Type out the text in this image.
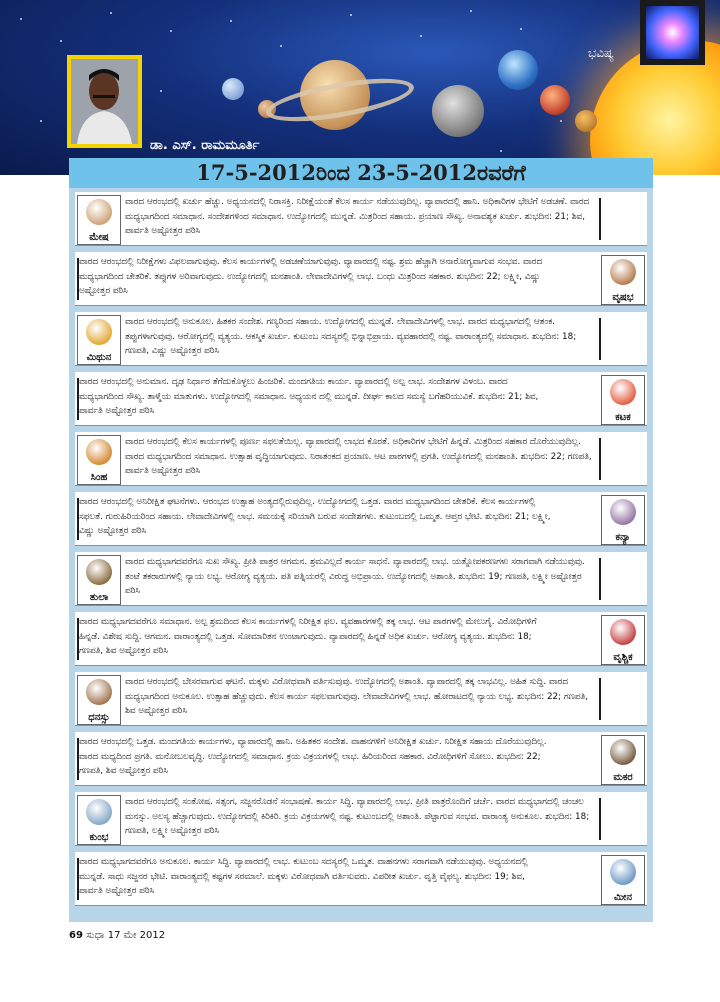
ಭವಿಷ್ಯ
ಡಾ. ಎಸ್. ರಾಮಮೂರ್ತಿ
17-5-2012ರಿಂದ 23-5-2012ರವರೆಗೆ
ಮೇಷ
ವಾರದ ಆರಂಭದಲ್ಲಿ ಖರ್ಚು ಹೆಚ್ಚು. ಅಧ್ಯಯನದಲ್ಲಿ ನಿರಾಸಕ್ತಿ. ನಿರೀಕ್ಷೆಯಂತೆ ಕೆಲಸ ಕಾರ್ಯ ನಡೆಯುವುದಿಲ್ಲ. ವ್ಯಾಪಾರದಲ್ಲಿ ಹಾನಿ. ಅಧಿಕಾರಿಗಳ ಭೇಟಿಗೆ ಅಡಚಣೆ. ವಾರದ ಮಧ್ಯಭಾಗದಿಂದ ಸಮಾಧಾನ. ಸಂದೇಶಗಳಿಂದ ಸಮಾಧಾನ. ಉದ್ಯೋಗದಲ್ಲಿ ಮುನ್ನಡೆ. ಮಿತ್ರರಿಂದ ಸಹಾಯ. ಪ್ರಯಾಣ ಸೌಖ್ಯ. ಅನಾವಶ್ಯಕ ಖರ್ಚು. ಶುಭದಿನ: 21; ಶಿವ, ಪಾರ್ವತಿ ಅಷ್ಟೋತ್ತರ ಪಠಿಸಿ
ವೃಷಭ
ವಾರದ ಆರಂಭದಲ್ಲಿ ನಿರೀಕ್ಷೆಗಳು ವಿಫಲವಾಗುವುವು. ಕೆಲಸ ಕಾರ್ಯಗಳಲ್ಲಿ ಅಡಚಣೆಯಾಗುವುವು. ವ್ಯಾಪಾರದಲ್ಲಿ ನಷ್ಟ. ಶ್ರಮ ಹೆಚ್ಚಾಗಿ ಅನಾರೋಗ್ಯವಾಗುವ ಸಂಭವ. ವಾರದ ಮಧ್ಯಭಾಗದಿಂದ ಚೇತರಿಕೆ. ತಪ್ಪುಗಳ ಅರಿವಾಗುವುದು. ಉದ್ಯೋಗದಲ್ಲಿ ಮನಶಾಂತಿ. ಲೇವಾದೇವಿಗಳಲ್ಲಿ ಲಾಭ. ಬಂಧು ಮಿತ್ರರಿಂದ ಸಹಕಾರ. ಶುಭದಿನ: 22; ಲಕ್ಷ್ಮೀ, ವಿಷ್ಣು ಅಷ್ಟೋತ್ತರ ಪಠಿಸಿ
ಮಿಥುನ
ವಾರದ ಆರಂಭದಲ್ಲಿ ಅನುಕೂಲ. ಹಿತಕರ ಸಂದೇಶ. ಗಣ್ಯರಿಂದ ಸಹಾಯ. ಉದ್ಯೋಗದಲ್ಲಿ ಮುನ್ನಡೆ. ಲೇವಾದೇವಿಗಳಲ್ಲಿ ಲಾಭ. ವಾರದ ಮಧ್ಯಭಾಗದಲ್ಲಿ ಆತಂಕ. ತಪ್ಪುಗಳಾಗುವುವು. ಆರೋಗ್ಯದಲ್ಲಿ ವ್ಯತ್ಯಯ. ಆಕಸ್ಮಿಕ ಖರ್ಚು. ಕುಟುಂಬ ಸದಸ್ಯರಲ್ಲಿ ಭಿನ್ನಾಭಿಪ್ರಾಯ. ವ್ಯವಹಾರದಲ್ಲಿ ನಷ್ಟ. ವಾರಾಂತ್ಯದಲ್ಲಿ ಸಮಾಧಾನ. ಶುಭದಿನ: 18; ಗಣಪತಿ, ವಿಷ್ಣು ಅಷ್ಟೋತ್ತರ ಪಠಿಸಿ
ಕಟಕ
ವಾರದ ಆರಂಭದಲ್ಲಿ ಅನುಮಾನ. ದೃಢ ನಿರ್ಧಾರ ತೆಗೆದುಕೊಳ್ಳಲು ಹಿಂಜರಿಕೆ. ಮಂದಗತಿಯ ಕಾರ್ಯ. ವ್ಯಾಪಾರದಲ್ಲಿ ಅಲ್ಪ ಲಾಭ. ಸಂದೇಶಗಳ ವಿಳಂಬ. ವಾರದ ಮಧ್ಯಭಾಗದಿಂದ ಸೌಖ್ಯ. ತಾಳ್ಮೆಯ ಮಾತುಗಳು. ಉದ್ಯೋಗದಲ್ಲಿ ಸಮಾಧಾನ. ಅಧ್ಯಯನ ದಲ್ಲಿ ಮುನ್ನಡೆ. ದೀರ್ಘ ಕಾಲದ ಸಮಸ್ಯೆ ಬಗೆಹರಿಯುವಿಕೆ. ಶುಭದಿನ: 21; ಶಿವ, ಪಾರ್ವತಿ ಅಷ್ಟೋತ್ತರ ಪಠಿಸಿ
ಸಿಂಹ
ವಾರದ ಆರಂಭದಲ್ಲಿ ಕೆಲಸ ಕಾರ್ಯಗಳಲ್ಲಿ ಪೂರ್ಣ ಸಫಲತೆಯಿಲ್ಲ. ವ್ಯಾಪಾರದಲ್ಲಿ ಲಾಭದ ಕೊರತೆ. ಅಧಿಕಾರಿಗಳ ಭೇಟಿಗೆ ಹಿನ್ನಡೆ. ಮಿತ್ರರಿಂದ ಸಹಕಾರ ದೊರೆಯುವುದಿಲ್ಲ. ವಾರದ ಮಧ್ಯಭಾಗದಿಂದ ಸಮಾಧಾನ. ಉತ್ಸಾಹ ವೃದ್ಧಿಯಾಗುವುದು. ನಿರಾತಂಕದ ಪ್ರಯಾಣ. ಆಟ ಪಾಠಗಳಲ್ಲಿ ಪ್ರಗತಿ. ಉದ್ಯೋಗದಲ್ಲಿ ಮನಶಾಂತಿ. ಶುಭದಿನ: 22; ಗಣಪತಿ, ಪಾರ್ವತಿ ಅಷ್ಟೋತ್ತರ ಪಠಿಸಿ
ಕನ್ಯಾ
ವಾರದ ಆರಂಭದಲ್ಲಿ ಅನಿರೀಕ್ಷಿತ ಘಟನೆಗಳು. ಆರಂಭದ ಉತ್ಸಾಹ ಅಂತ್ಯದಲ್ಲಿರುವುದಿಲ್ಲ. ಉದ್ಯೋಗದಲ್ಲಿ ಒತ್ತಡ. ವಾರದ ಮಧ್ಯಭಾಗದಿಂದ ಚೇತರಿಕೆ. ಕೆಲಸ ಕಾರ್ಯಗಳಲ್ಲಿ ಸಫಲತೆ. ಗುರುಹಿರಿಯರಿಂದ ಸಹಾಯ. ಲೇವಾದೇವಿಗಳಲ್ಲಿ ಲಾಭ. ಸಮಯಕ್ಕೆ ಸರಿಯಾಗಿ ಬರುವ ಸಂದೇಶಗಳು. ಕುಟುಂಬದಲ್ಲಿ ಒಮ್ಮತ. ಆಪ್ತರ ಭೇಟಿ. ಶುಭದಿನ: 21; ಲಕ್ಷ್ಮೀ, ವಿಷ್ಣು ಅಷ್ಟೋತ್ತರ ಪಠಿಸಿ
ತುಲಾ
ವಾರದ ಮಧ್ಯಭಾಗದವರೆಗೂ ಸುಖ ಸೌಖ್ಯ. ಪ್ರೀತಿ ಪಾತ್ರರ ಆಗಮನ. ಶ್ರಮವಿಲ್ಲದೆ ಕಾರ್ಯ ಸಾಧನೆ. ವ್ಯಾಪಾರದಲ್ಲಿ ಲಾಭ. ಯತ್ನೋಪಕರಣಗಳು ಸರಾಗವಾಗಿ ನಡೆಯುವುವು. ತಂಟೆ ತಕರಾರುಗಳಲ್ಲಿ ನ್ಯಾಯ ಲಭ್ಯ. ಆರೋಗ್ಯ ವ್ಯತ್ಯಯ. ಪತಿ ಪತ್ನಿಯರಲ್ಲಿ ವಿರುದ್ಧ ಅಭಿಪ್ರಾಯ. ಉದ್ಯೋಗದಲ್ಲಿ ಅಶಾಂತಿ. ಶುಭದಿನ: 19; ಗಣಪತಿ, ಲಕ್ಷ್ಮೀ ಅಷ್ಟೋತ್ತರ ಪಠಿಸಿ
ವೃಶ್ಚಿಕ
ವಾರದ ಮಧ್ಯಭಾಗದವರೆಗೂ ಸಮಾಧಾನ. ಅಲ್ಪ ಶ್ರಮದಿಂದ ಕೆಲಸ ಕಾರ್ಯಗಳಲ್ಲಿ ನಿರೀಕ್ಷಿತ ಫಲ. ವ್ಯವಹಾರಗಳಲ್ಲಿ ತಕ್ಕ ಲಾಭ. ಆಟ ಪಾಠಗಳಲ್ಲಿ ಮೇಲುಗೈ. ವಿರೋಧಿಗಳಿಗೆ ಹಿನ್ನಡೆ. ವಿಶೇಷ ಸುದ್ದಿ. ಆಗಮನ. ವಾರಾಂತ್ಯದಲ್ಲಿ ಒತ್ತಡ. ಸೋಮಾರಿತನ ಉಂಟಾಗುವುದು. ವ್ಯಾಪಾರದಲ್ಲಿ ಹಿನ್ನಡೆ ಅಧಿಕ ಖರ್ಚು. ಆರೋಗ್ಯ ವ್ಯತ್ಯಯ. ಶುಭದಿನ: 18; ಗಣಪತಿ, ಶಿವ ಅಷ್ಟೋತ್ತರ ಪಠಿಸಿ
ಧನಸ್ಸು
ವಾರದ ಆರಂಭದಲ್ಲಿ ಬೇಸರವಾಗುವ ಘಟನೆ. ಮಕ್ಕಳು ವಿರೋಧವಾಗಿ ವರ್ತಿಸುವುವು. ಉದ್ಯೋಗದಲ್ಲಿ ಅಶಾಂತಿ. ವ್ಯಾಪಾರದಲ್ಲಿ ತಕ್ಕ ಲಾಭವಿಲ್ಲ. ಅಹಿತ ಸುದ್ದಿ. ವಾರದ ಮಧ್ಯಭಾಗದಿಂದ ಅನುಕೂಲ. ಉತ್ಸಾಹ ಹೆಚ್ಚುವುದು. ಕೆಲಸ ಕಾರ್ಯ ಸಫಲವಾಗುವುವು. ಲೇವಾದೇವಿಗಳಲ್ಲಿ ಲಾಭ. ಹೋರಾಟದಲ್ಲಿ ನ್ಯಾಯ ಲಭ್ಯ. ಶುಭದಿನ: 22; ಗಣಪತಿ, ಶಿವ ಅಷ್ಟೋತ್ತರ ಪಠಿಸಿ
ಮಕರ
ವಾರದ ಆರಂಭದಲ್ಲಿ ಒತ್ತಡ. ಮಂದಗತಿಯ ಕಾರ್ಯಗಳು, ವ್ಯಾಪಾರದಲ್ಲಿ ಹಾನಿ. ಅಹಿತಕರ ಸಂದೇಶ. ವಾಹನಗಳಿಗೆ ಅನಿರೀಕ್ಷಿತ ಖರ್ಚು. ನಿರೀಕ್ಷಿತ ಸಹಾಯ ದೊರೆಯುವುದಿಲ್ಲ. ವಾರದ ಮಧ್ಯದಿಂದ ಪ್ರಗತಿ. ಮನೋಬಲವೃದ್ಧಿ. ಉದ್ಯೋಗದಲ್ಲಿ ಸಮಾಧಾನ. ಕ್ರಯ ವಿಕ್ರಯಗಳಲ್ಲಿ ಲಾಭ. ಹಿರಿಯರಿಂದ ಸಹಕಾರ. ವಿರೋಧಿಗಳಿಗೆ ಸೋಲು. ಶುಭದಿನ: 22; ಗಣಪತಿ, ಶಿವ ಅಷ್ಟೋತ್ತರ ಪಠಿಸಿ
ಕುಂಭ
ವಾರದ ಆರಂಭದಲ್ಲಿ ಸಂತೋಷ. ಸತ್ಸಂಗ, ಸಜ್ಜನರೊಡನೆ ಸಂಭಾಷಣೆ. ಕಾರ್ಯ ಸಿದ್ಧಿ. ವ್ಯಾಪಾರದಲ್ಲಿ ಲಾಭ. ಪ್ರೀತಿ ಪಾತ್ರರೊಂದಿಗೆ ಚರ್ಚೆ. ವಾರದ ಮಧ್ಯಭಾಗದಲ್ಲಿ ಚಂಚಲ ಮನಸ್ಸು. ಅಲಸ್ಯ ಹೆಚ್ಚಾಗುವುದು. ಉದ್ಯೋಗದಲ್ಲಿ ಕಿರಿಕಿರಿ. ಕ್ರಯ ವಿಕ್ರಯಗಳಲ್ಲಿ ನಷ್ಟ. ಕುಟುಂಬದಲ್ಲಿ ಅಶಾಂತಿ. ಪೆಟ್ಟಾಗುವ ಸಂಭವ. ವಾರಾಂತ್ಯ ಅನುಕೂಲ. ಶುಭದಿನ: 18; ಗಣಪತಿ, ಲಕ್ಷ್ಮೀ ಅಷ್ಟೋತ್ತರ ಪಠಿಸಿ
ಮೀನ
ವಾರದ ಮಧ್ಯಭಾಗದವರೆಗೂ ಅನುಕೂಲ. ಕಾರ್ಯ ಸಿದ್ಧಿ. ವ್ಯಾಪಾರದಲ್ಲಿ ಲಾಭ. ಕುಟುಂಬ ಸದಸ್ಯರಲ್ಲಿ ಒಮ್ಮತ. ವಾಹನಗಳು ಸರಾಗವಾಗಿ ನಡೆಯುವುವು. ಅಧ್ಯಯನದಲ್ಲಿ ಮುನ್ನಡೆ. ಸಾಧು ಸಜ್ಜನರ ಭೇಟಿ. ವಾರಾಂತ್ಯದಲ್ಲಿ ಕಷ್ಟಗಳ ಸರಮಾಲೆ. ಮಕ್ಕಳು ವಿರೋಧವಾಗಿ ವರ್ತಿಸುವರು. ವಿಪರೀತ ಖರ್ಚು. ವೃತ್ತಿ ವೈಫಲ್ಯ. ಶುಭದಿನ: 19; ಶಿವ, ಪಾರ್ವತಿ ಅಷ್ಟೋತ್ತರ ಪಠಿಸಿ
69 ಸುಧಾ 17 ಮೇ 2012
